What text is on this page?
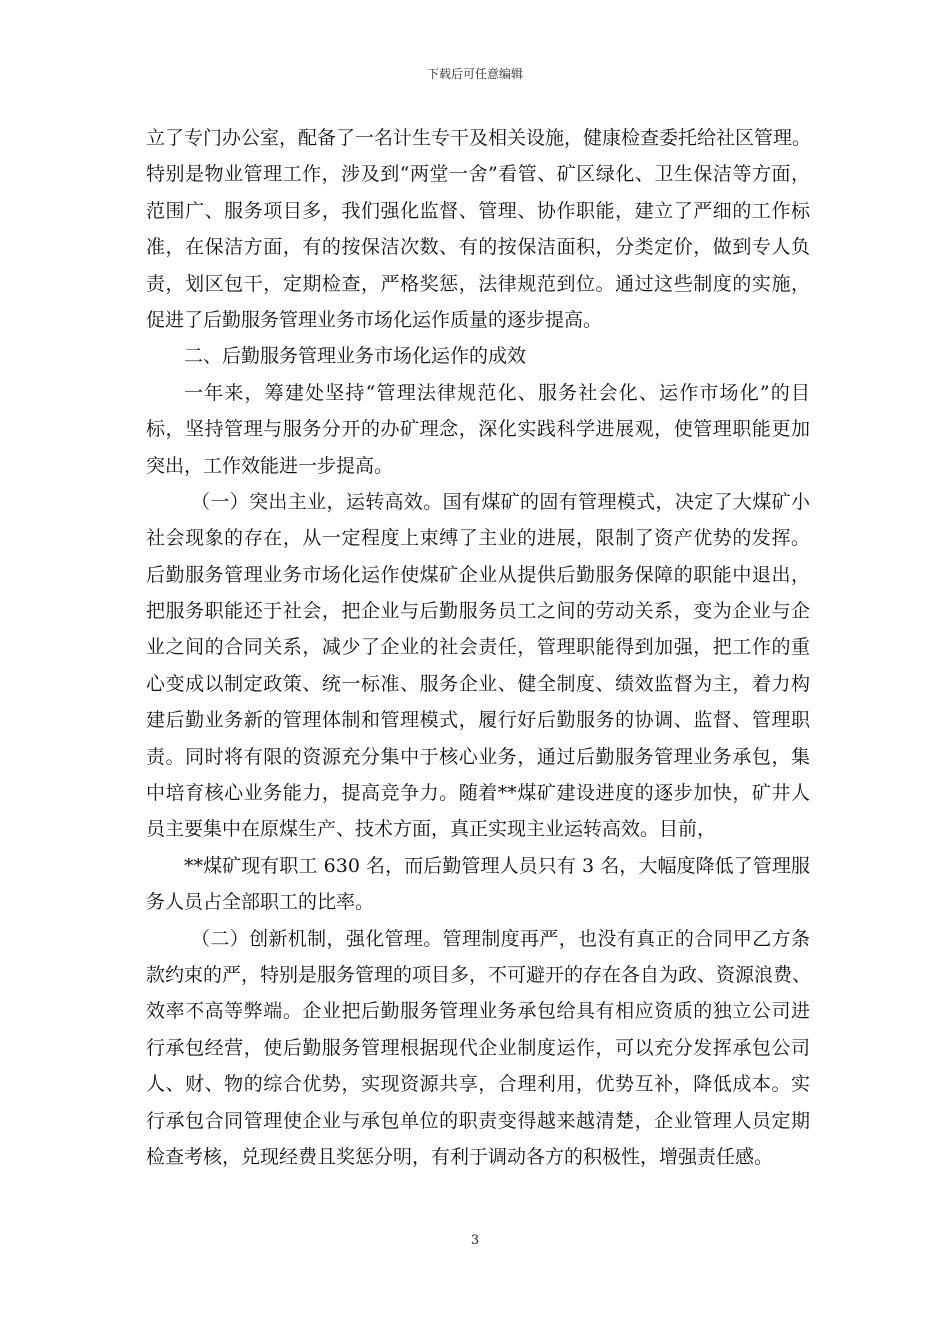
下载后可任意编辑
立了专门办公室，配备了一名计生专干及相关设施，健康检查委托给社区管理。
特别是物业管理工作，涉及到“两堂一舍”看管、矿区绿化、卫生保洁等方面，
范围广、服务项目多，我们强化监督、管理、协作职能，建立了严细的工作标
准，在保洁方面，有的按保洁次数、有的按保洁面积，分类定价，做到专人负
责，划区包干，定期检查，严格奖惩，法律规范到位。通过这些制度的实施，
促进了后勤服务管理业务市场化运作质量的逐步提高。
二、后勤服务管理业务市场化运作的成效
一年来，筹建处坚持“管理法律规范化、服务社会化、运作市场化”的目
标，坚持管理与服务分开的办矿理念，深化实践科学进展观，使管理职能更加
突出，工作效能进一步提高。
（一）突出主业，运转高效。国有煤矿的固有管理模式，决定了大煤矿小
社会现象的存在，从一定程度上束缚了主业的进展，限制了资产优势的发挥。
后勤服务管理业务市场化运作使煤矿企业从提供后勤服务保障的职能中退出，
把服务职能还于社会，把企业与后勤服务员工之间的劳动关系，变为企业与企
业之间的合同关系，减少了企业的社会责任，管理职能得到加强，把工作的重
心变成以制定政策、统一标准、服务企业、健全制度、绩效监督为主，着力构
建后勤业务新的管理体制和管理模式，履行好后勤服务的协调、监督、管理职
责。同时将有限的资源充分集中于核心业务，通过后勤服务管理业务承包，集
中培育核心业务能力，提高竞争力。随着**煤矿建设进度的逐步加快，矿井人
员主要集中在原煤生产、技术方面，真正实现主业运转高效。目前，
**煤矿现有职工 630 名，而后勤管理人员只有 3 名，大幅度降低了管理服
务人员占全部职工的比率。
（二）创新机制，强化管理。管理制度再严，也没有真正的合同甲乙方条
款约束的严，特别是服务管理的项目多，不可避开的存在各自为政、资源浪费、
效率不高等弊端。企业把后勤服务管理业务承包给具有相应资质的独立公司进
行承包经营，使后勤服务管理根据现代企业制度运作，可以充分发挥承包公司
人、财、物的综合优势，实现资源共享，合理利用，优势互补，降低成本。实
行承包合同管理使企业与承包单位的职责变得越来越清楚，企业管理人员定期
检查考核，兑现经费且奖惩分明，有利于调动各方的积极性，增强责任感。
3
